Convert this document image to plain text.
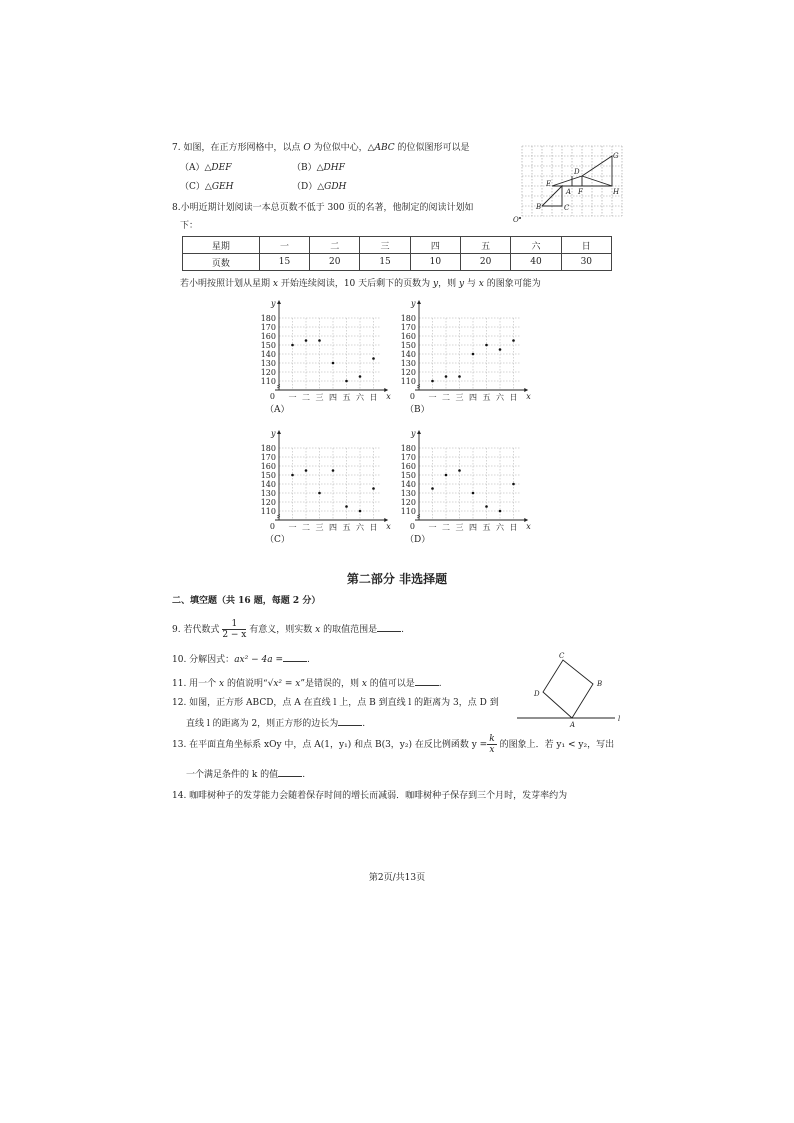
7. 如图，在正方形网格中，以点 O 为位似中心，△ABC 的位似图形可以是
（A）△DEF	（B）△DHF
（C）△GEH	（D）△GDH
G
D
E
A F	H
B	C
O
8.小明近期计划阅读一本总页数不低于 300 页的名著，他制定的阅读计划如
下：
星期	一	二	三	四	五	六	日
页数	15	20	15	10	20	40	30
若小明按照计划从星期 x 开始连续阅读，10 天后剩下的页数为 y，则 y 与 x 的图象可能为
110
120
130
140
150
160
170
180
0
y
x
一 二 三 四 五 六 日
（A）
110
120
130
140
150
160
170
180
0
y
x
一 二 三 四 五 六 日
（B）
110
120
130
140
150
160
170
180
0
y
x
一 二 三 四 五 六 日
（C）
110
120
130
140
150
160
170
180
0
y
x
一 二 三 四 五 六 日
（D）
第二部分 非选择题
二、填空题（共 16 题，每题 2 分）
9. 若代数式 $\frac{1}{2 - x}$ 有意义，则实数 x 的取值范围是	.
10. 分解因式：ax² − 4a =	.
11. 用一个 x 的值说明“√x² = x”是错误的，则 x 的值可以是	.
12. 如图，正方形 ABCD，点 A 在直线 l 上，点 B 到直线 l 的距离为 3，点 D 到
直线 l 的距离为 2，则正方形的边长为	.
C
B
D
A
l
13. 在平面直角坐标系 xOy 中，点 A(1，y₁) 和点 B(3，y₂) 在反比例函数 $y = \frac{k}{x}$ 的图象上．若 y₁ < y₂，写出
一个满足条件的 k 的值	.
14. 咖啡树种子的发芽能力会随着保存时间的增长而减弱．咖啡树种子保存到三个月时，发芽率约为
第2页/共13页
